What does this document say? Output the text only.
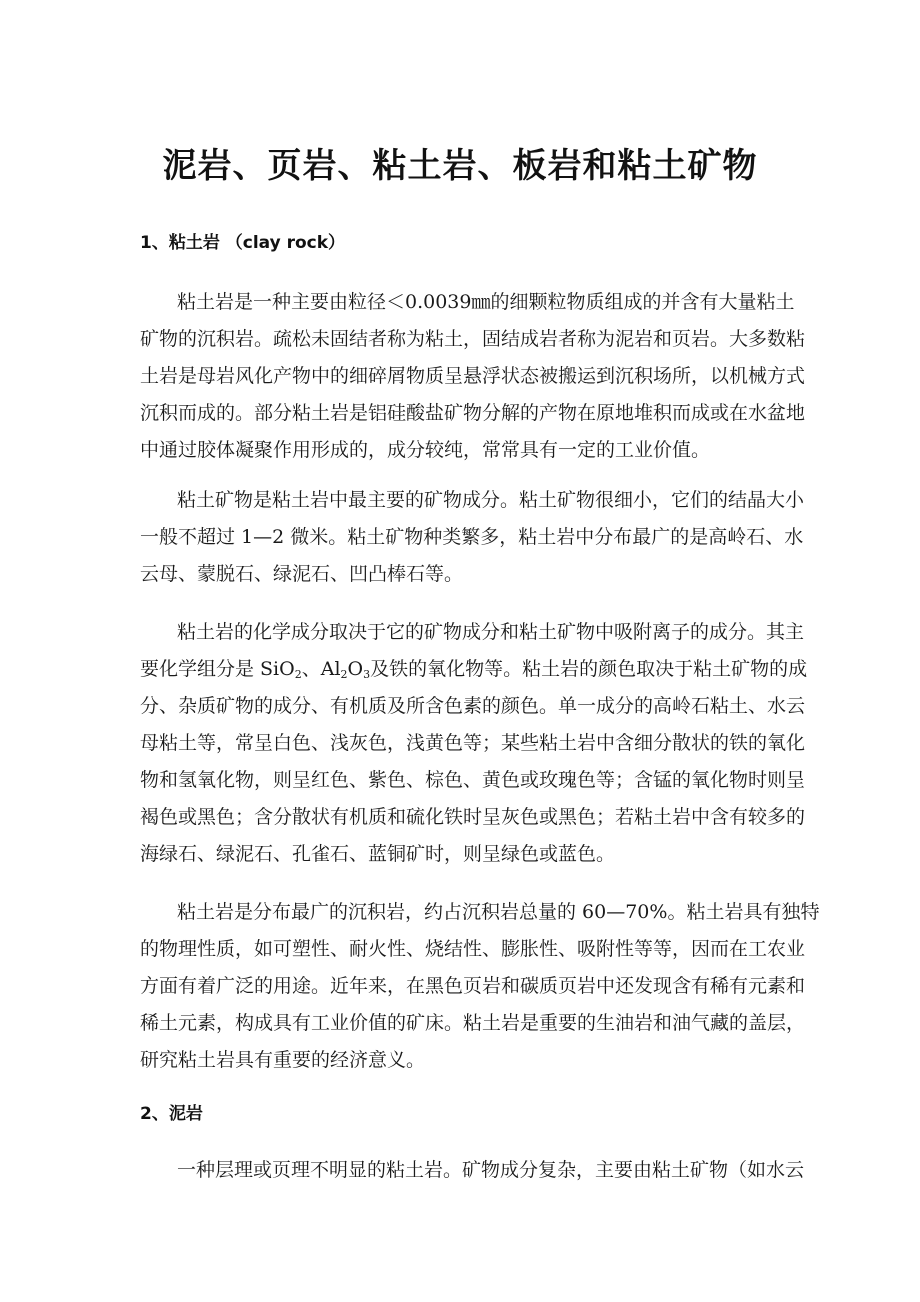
泥岩、页岩、粘土岩、板岩和粘土矿物
1、粘土岩 （clay rock）
粘土岩是一种主要由粒径＜0.0039㎜的细颗粒物质组成的并含有大量粘土
矿物的沉积岩。疏松未固结者称为粘土，固结成岩者称为泥岩和页岩。大多数粘
土岩是母岩风化产物中的细碎屑物质呈悬浮状态被搬运到沉积场所，以机械方式
沉积而成的。部分粘土岩是铝硅酸盐矿物分解的产物在原地堆积而成或在水盆地
中通过胶体凝聚作用形成的，成分较纯，常常具有一定的工业价值。
粘土矿物是粘土岩中最主要的矿物成分。粘土矿物很细小，它们的结晶大小
一般不超过 1—2 微米。粘土矿物种类繁多，粘土岩中分布最广的是高岭石、水
云母、蒙脱石、绿泥石、凹凸棒石等。
粘土岩的化学成分取决于它的矿物成分和粘土矿物中吸附离子的成分。其主
要化学组分是 SiO$_2$、$Al_2O_3$及铁的氧化物等。粘土岩的颜色取决于粘土矿物的成
分、杂质矿物的成分、有机质及所含色素的颜色。单一成分的高岭石粘土、水云
母粘土等，常呈白色、浅灰色，浅黄色等；某些粘土岩中含细分散状的铁的氧化
物和氢氧化物，则呈红色、紫色、棕色、黄色或玫瑰色等；含锰的氧化物时则呈
褐色或黑色；含分散状有机质和硫化铁时呈灰色或黑色；若粘土岩中含有较多的
海绿石、绿泥石、孔雀石、蓝铜矿时，则呈绿色或蓝色。
粘土岩是分布最广的沉积岩，约占沉积岩总量的 60—70%。粘土岩具有独特
的物理性质，如可塑性、耐火性、烧结性、膨胀性、吸附性等等，因而在工农业
方面有着广泛的用途。近年来，在黑色页岩和碳质页岩中还发现含有稀有元素和
稀土元素，构成具有工业价值的矿床。粘土岩是重要的生油岩和油气藏的盖层，
研究粘土岩具有重要的经济意义。
2、泥岩
一种层理或页理不明显的粘土岩。矿物成分复杂，主要由粘土矿物（如水云
